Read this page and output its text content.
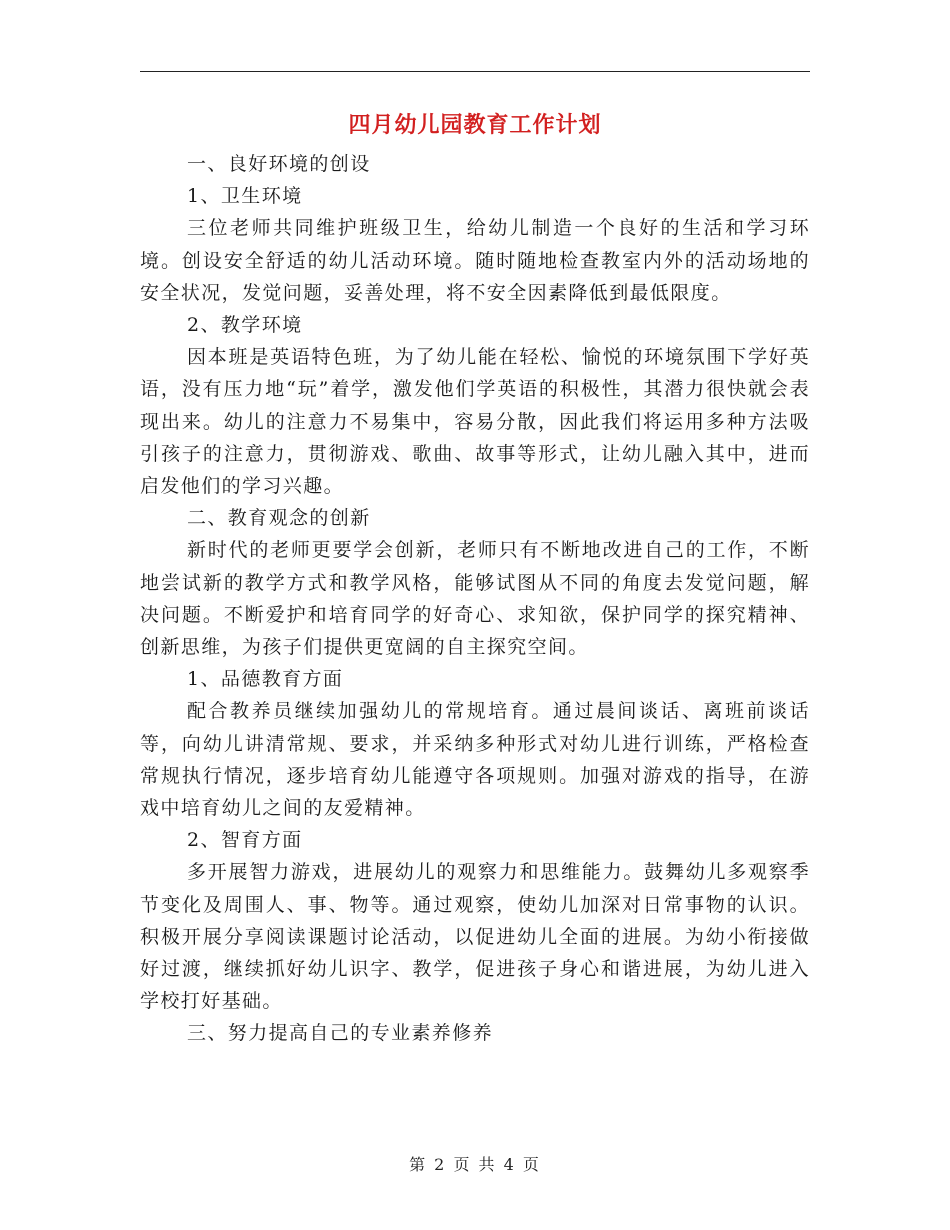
四月幼儿园教育工作计划

一、良好环境的创设

1、卫生环境

三位老师共同维护班级卫生，给幼儿制造一个良好的生活和学习环境。创设安全舒适的幼儿活动环境。随时随地检查教室内外的活动场地的安全状况，发觉问题，妥善处理，将不安全因素降低到最低限度。

2、教学环境

因本班是英语特色班，为了幼儿能在轻松、愉悦的环境氛围下学好英语，没有压力地“玩”着学，激发他们学英语的积极性，其潜力很快就会表现出来。幼儿的注意力不易集中，容易分散，因此我们将运用多种方法吸引孩子的注意力，贯彻游戏、歌曲、故事等形式，让幼儿融入其中，进而启发他们的学习兴趣。

二、教育观念的创新

新时代的老师更要学会创新，老师只有不断地改进自己的工作，不断地尝试新的教学方式和教学风格，能够试图从不同的角度去发觉问题，解决问题。不断爱护和培育同学的好奇心、求知欲，保护同学的探究精神、创新思维，为孩子们提供更宽阔的自主探究空间。

1、品德教育方面

配合教养员继续加强幼儿的常规培育。通过晨间谈话、离班前谈话等，向幼儿讲清常规、要求，并采纳多种形式对幼儿进行训练，严格检查常规执行情况，逐步培育幼儿能遵守各项规则。加强对游戏的指导，在游戏中培育幼儿之间的友爱精神。

2、智育方面

多开展智力游戏，进展幼儿的观察力和思维能力。鼓舞幼儿多观察季节变化及周围人、事、物等。通过观察，使幼儿加深对日常事物的认识。积极开展分享阅读课题讨论活动，以促进幼儿全面的进展。为幼小衔接做好过渡，继续抓好幼儿识字、教学，促进孩子身心和谐进展，为幼儿进入学校打好基础。

三、努力提高自己的专业素养修养

第 2 页 共 4 页
